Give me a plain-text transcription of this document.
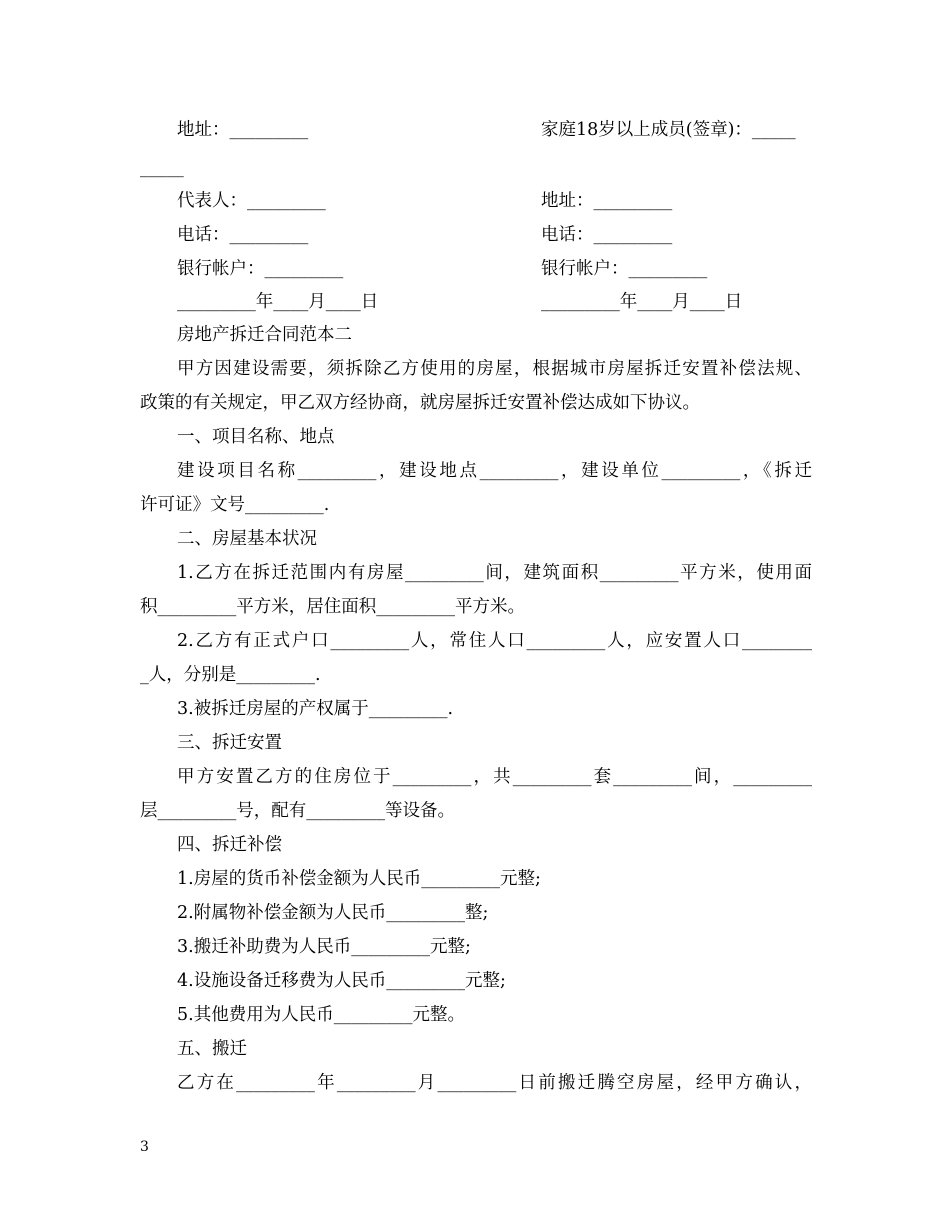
地址：_________	家庭18岁以上成员(签章)：_____
_____
代表人：_________	地址：_________
电话：_________	电话：_________
银行帐户：_________	银行帐户：_________
_________年____月____日	_________年____月____日
房地产拆迁合同范本二
甲方因建设需要，须拆除乙方使用的房屋，根据城市房屋拆迁安置补偿法规、
政策的有关规定，甲乙双方经协商，就房屋拆迁安置补偿达成如下协议。
一、项目名称、地点
建设项目名称_________，建设地点_________，建设单位_________，《拆迁
许可证》文号_________.
二、房屋基本状况
1.乙方在拆迁范围内有房屋_________间，建筑面积_________平方米，使用面
积_________平方米，居住面积_________平方米。
2.乙方有正式户口_________人，常住人口_________人，应安置人口________
_人，分别是_________.
3.被拆迁房屋的产权属于_________.
三、拆迁安置
甲方安置乙方的住房位于_________，共_________套_________间，_________
层_________号，配有_________等设备。
四、拆迁补偿
1.房屋的货币补偿金额为人民币_________元整;
2.附属物补偿金额为人民币_________整;
3.搬迁补助费为人民币_________元整;
4.设施设备迁移费为人民币_________元整;
5.其他费用为人民币_________元整。
五、搬迁
乙方在_________年_________月_________日前搬迁腾空房屋，经甲方确认，
3
